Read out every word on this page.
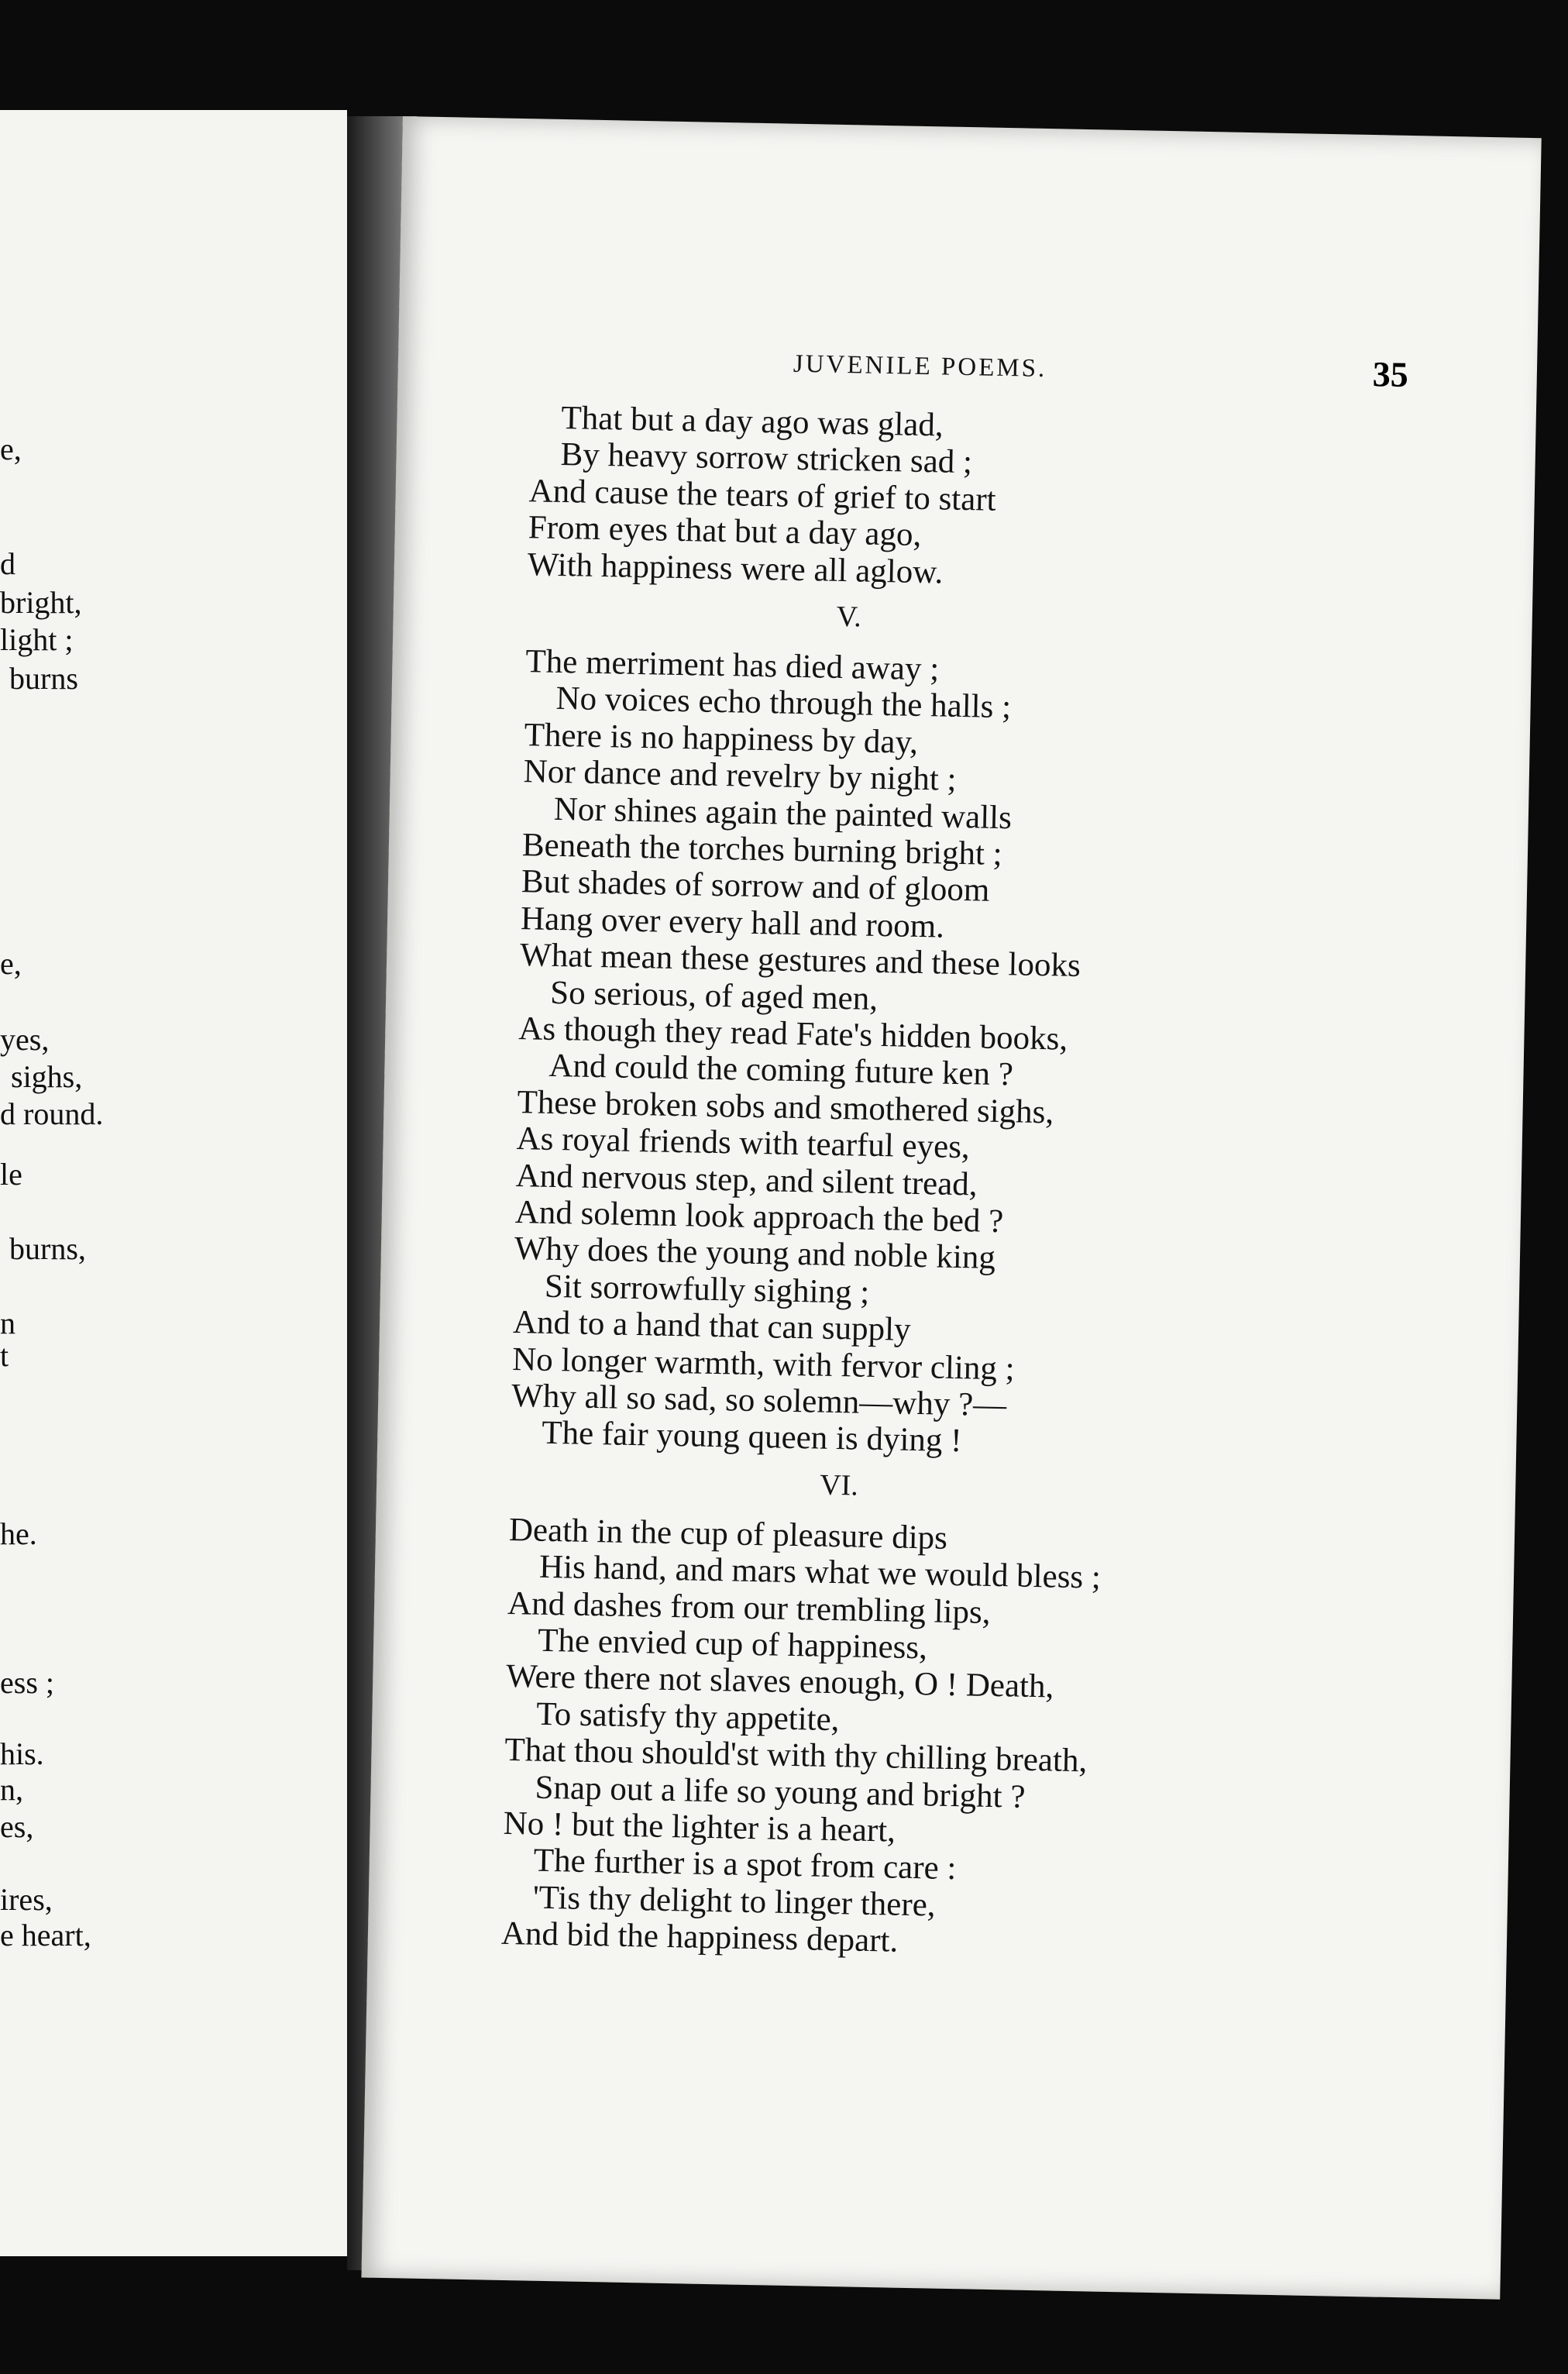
e,
d
bright,
light ;
burns
e,
yes,
sighs,
d round.
le
burns,
n
t
he.
ess ;
his.
n,
es,
ires,
e heart,
JUVENILE POEMS.	35
That but a day ago was glad,
By heavy sorrow stricken sad ;
And cause the tears of grief to start
From eyes that but a day ago,
With happiness were all aglow.
V.
The merriment has died away ;
No voices echo through the halls ;
There is no happiness by day,
Nor dance and revelry by night ;
Nor shines again the painted walls
Beneath the torches burning bright ;
But shades of sorrow and of gloom
Hang over every hall and room.
What mean these gestures and these looks
So serious, of aged men,
As though they read Fate's hidden books,
And could the coming future ken ?
These broken sobs and smothered sighs,
As royal friends with tearful eyes,
And nervous step, and silent tread,
And solemn look approach the bed ?
Why does the young and noble king
Sit sorrowfully sighing ;
And to a hand that can supply
No longer warmth, with fervor cling ;
Why all so sad, so solemn—why ?—
The fair young queen is dying !
VI.
Death in the cup of pleasure dips
His hand, and mars what we would bless ;
And dashes from our trembling lips,
The envied cup of happiness,
Were there not slaves enough, O ! Death,
To satisfy thy appetite,
That thou should'st with thy chilling breath,
Snap out a life so young and bright ?
No ! but the lighter is a heart,
The further is a spot from care :
'Tis thy delight to linger there,
And bid the happiness depart.
